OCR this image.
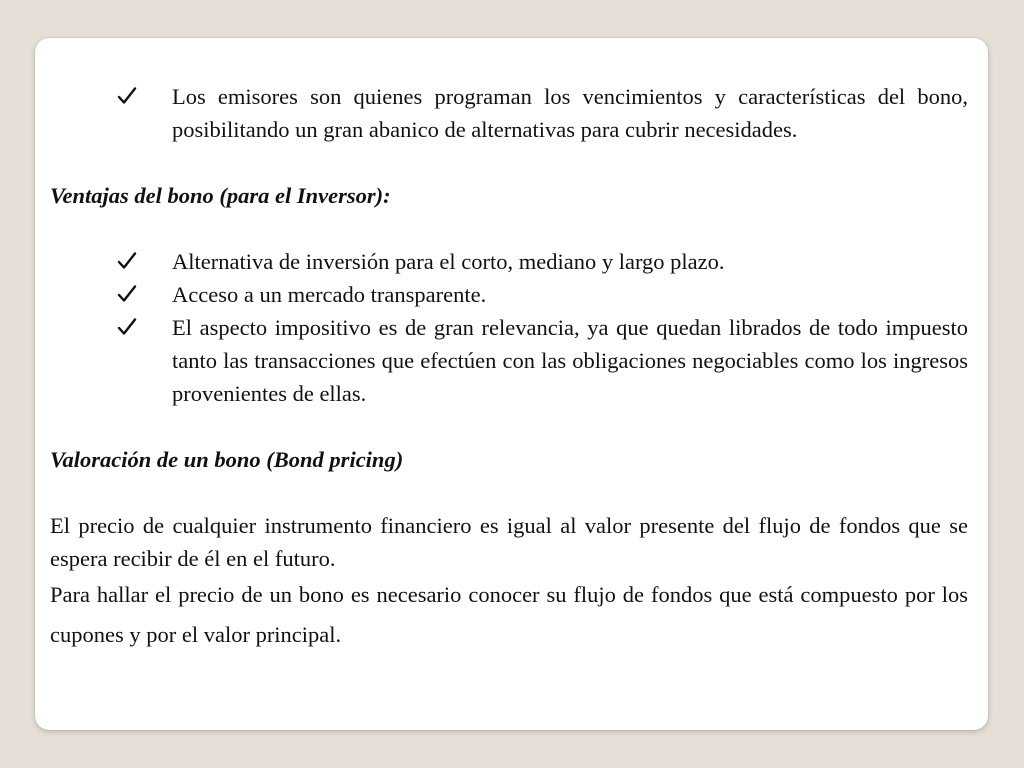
Los emisores son quienes programan los vencimientos y características del bono, posibilitando un gran abanico de alternativas para cubrir necesidades.

Ventajas del bono (para el Inversor):

Alternativa de inversión para el corto, mediano y largo plazo.
Acceso a un mercado transparente.
El aspecto impositivo es de gran relevancia, ya que quedan librados de todo impuesto tanto las transacciones que efectúen con las obligaciones negociables como los ingresos provenientes de ellas.

Valoración de un bono (Bond pricing)

El precio de cualquier instrumento financiero es igual al valor presente del flujo de fondos que se espera recibir de él en el futuro.

Para hallar el precio de un bono es necesario conocer su flujo de fondos que está compuesto por los cupones y por el valor principal.
